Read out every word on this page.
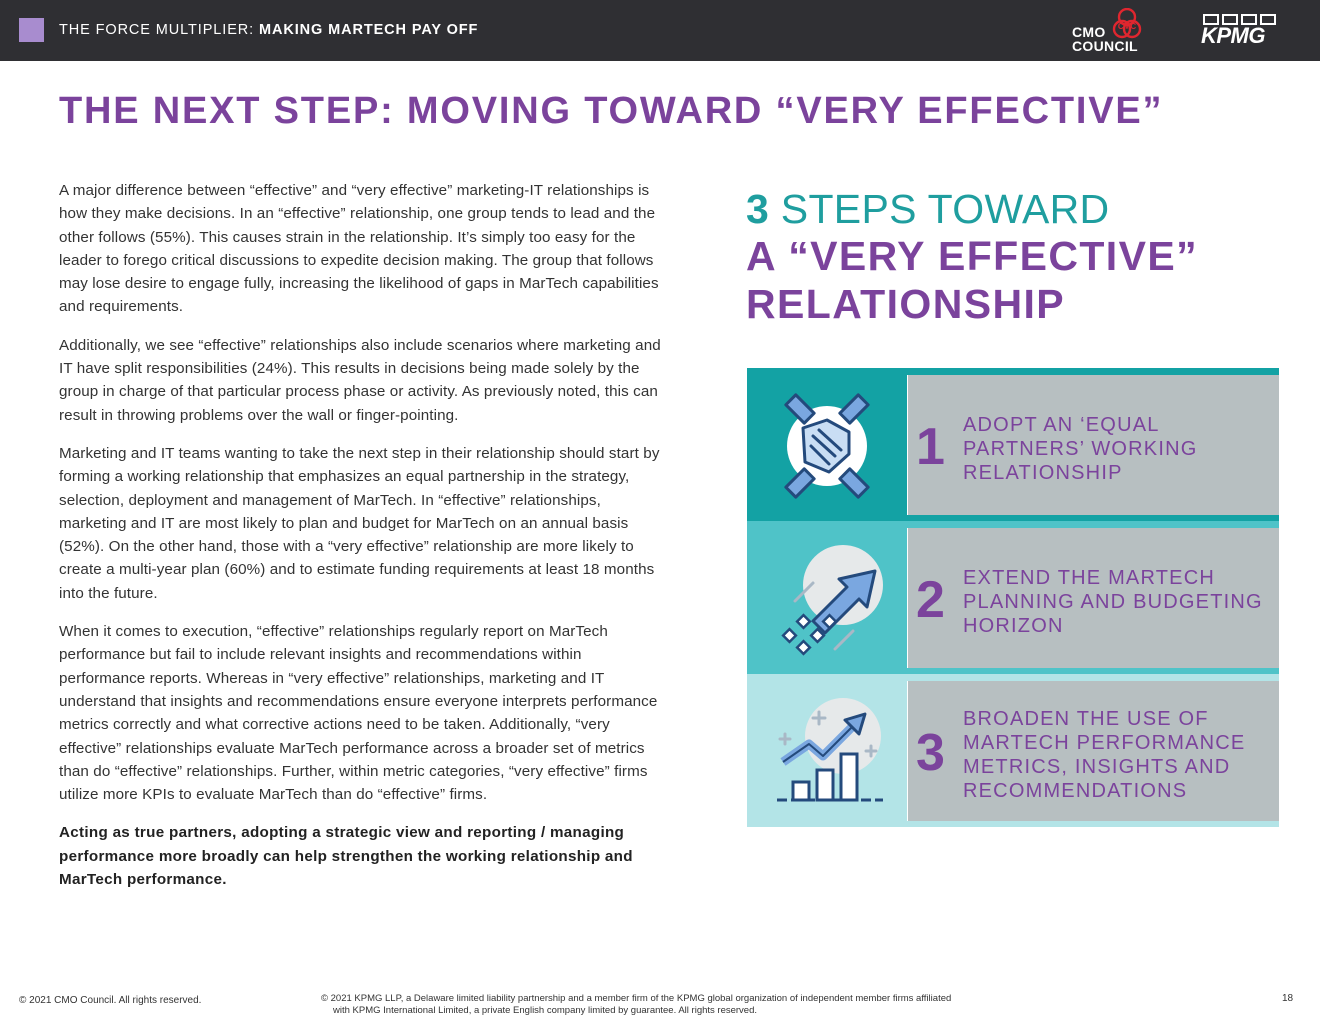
THE FORCE MULTIPLIER: MAKING MARTECH PAY OFF	CMC
CMO
COUNCIL	KPMG
THE NEXT STEP: MOVING TOWARD “VERY EFFECTIVE”

A major difference between “effective” and “very effective” marketing-IT relationships is how they make decisions. In an “effective” relationship, one group tends to lead and the other follows (55%). This causes strain in the relationship. It’s simply too easy for the leader to forego critical discussions to expedite decision making. The group that follows may lose desire to engage fully, increasing the likelihood of gaps in MarTech capabilities and requirements.

Additionally, we see “effective” relationships also include scenarios where marketing and IT have split responsibilities (24%). This results in decisions being made solely by the group in charge of that particular process phase or activity. As previously noted, this can result in throwing problems over the wall or finger-pointing.

Marketing and IT teams wanting to take the next step in their relationship should start by forming a working relationship that emphasizes an equal partnership in the strategy, selection, deployment and management of MarTech. In “effective” relationships, marketing and IT are most likely to plan and budget for MarTech on an annual basis (52%). On the other hand, those with a “very effective” relationship are more likely to create a multi-year plan (60%) and to estimate funding requirements at least 18 months into the future.

When it comes to execution, “effective” relationships regularly report on MarTech performance but fail to include relevant insights and recommendations within performance reports. Whereas in “very effective” relationships, marketing and IT understand that insights and recommendations ensure everyone interprets performance metrics correctly and what corrective actions need to be taken. Additionally, “very effective” relationships evaluate MarTech performance across a broader set of metrics than do “effective” relationships. Further, within metric categories, “very effective” firms utilize more KPIs to evaluate MarTech than do “effective” firms.

Acting as true partners, adopting a strategic view and reporting / managing performance more broadly can help strengthen the working relationship and MarTech performance.

3 STEPS TOWARD
A “VERY EFFECTIVE”
RELATIONSHIP
1 ADOPT AN ‘EQUAL PARTNERS’ WORKING RELATIONSHIP
2 EXTEND THE MARTECH PLANNING AND BUDGETING HORIZON
3
BROADEN THE USE OF MARTECH PERFORMANCE METRICS, INSIGHTS AND RECOMMENDATIONS
© 2021 CMO Council. All rights reserved.	© 2021 KPMG LLP, a Delaware limited liability partnership and a member firm of the KPMG global organization of independent member firms affiliated
with KPMG International Limited, a private English company limited by guarantee. All rights reserved.
18
